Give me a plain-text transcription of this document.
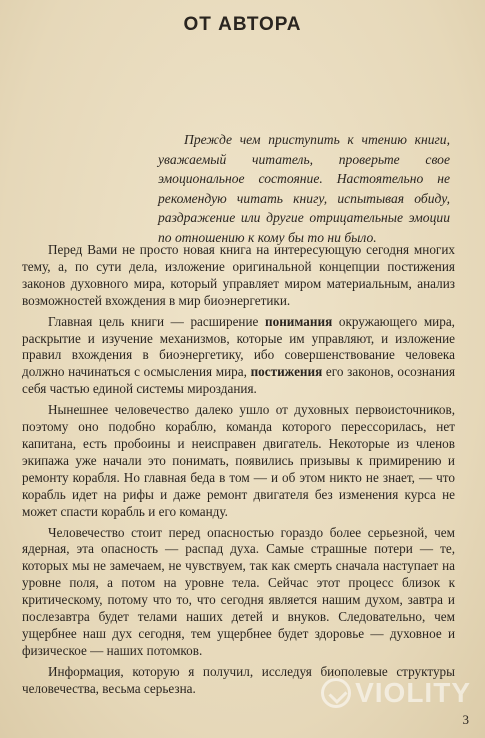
ОТ АВТОРА

Прежде чем приступить к чтению книги, уважаемый читатель, проверьте свое эмоциональное состояние. Настоятельно не рекомендую читать книгу, испытывая обиду, раздражение или другие отрицательные эмоции по отношению к кому бы то ни было.

Перед Вами не просто новая книга на интересующую сегодня многих тему, а, по сути дела, изложение оригинальной концепции постижения законов духовного мира, который управляет миром материальным, анализ возможностей вхождения в мир биоэнергетики.

Главная цель книги — расширение понимания окружающего мира, раскрытие и изучение механизмов, которые им управляют, и изложение правил вхождения в биоэнергетику, ибо совершенствование человека должно начинаться с осмысления мира, постижения его законов, осознания себя частью единой системы мироздания.

Нынешнее человечество далеко ушло от духовных первоисточников, поэтому оно подобно кораблю, команда которого перессорилась, нет капитана, есть пробоины и неисправен двигатель. Некоторые из членов экипажа уже начали это понимать, появились призывы к примирению и ремонту корабля. Но главная беда в том — и об этом никто не знает, — что корабль идет на рифы и даже ремонт двигателя без изменения курса не может спасти корабль и его команду.

Человечество стоит перед опасностью гораздо более серьезной, чем ядерная, эта опасность — распад духа. Самые страшные потери — те, которых мы не замечаем, не чувствуем, так как смерть сначала наступает на уровне поля, а потом на уровне тела. Сейчас этот процесс близок к критическому, потому что то, что сегодня является нашим духом, завтра и послезавтра будет телами наших детей и внуков. Следовательно, чем ущербнее наш дух сегодня, тем ущербнее будет здоровье — духовное и физическое — наших потомков.

Информация, которую я получил, исследуя биополевые структуры человечества, весьма серьезна.	VIOLITY
3
